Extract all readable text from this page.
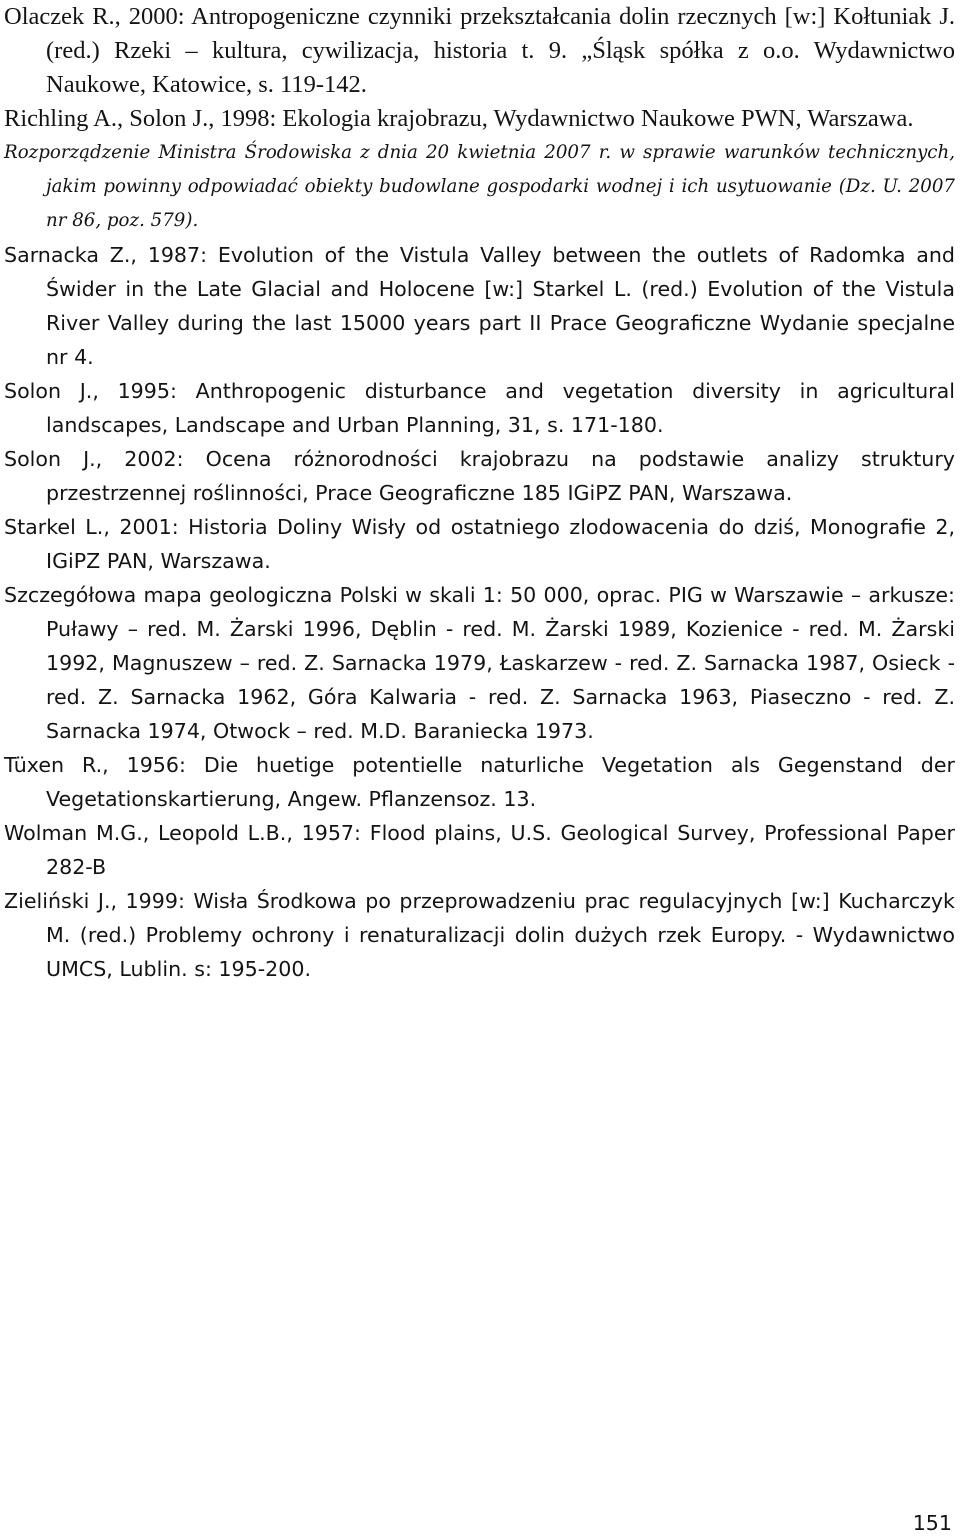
Olaczek R., 2000: Antropogeniczne czynniki przekształcania dolin rzecznych [w:] Kołtuniak J. (red.) Rzeki – kultura, cywilizacja, historia t. 9. „Śląsk spółka z o.o. Wydawnictwo Naukowe, Katowice, s. 119-142.
Richling A., Solon J., 1998: Ekologia krajobrazu, Wydawnictwo Naukowe PWN, Warszawa.
Rozporządzenie Ministra Środowiska z dnia 20 kwietnia 2007 r. w sprawie warunków technicznych, jakim powinny odpowiadać obiekty budowlane gospodarki wodnej i ich usytuowanie (Dz. U. 2007 nr 86, poz. 579).
Sarnacka Z., 1987: Evolution of the Vistula Valley between the outlets of Radomka and Świder in the Late Glacial and Holocene [w:] Starkel L. (red.) Evolution of the Vistula River Valley during the last 15000 years part II Prace Geograficzne Wydanie specjalne nr 4.
Solon J., 1995: Anthropogenic disturbance and vegetation diversity in agricultural landscapes, Landscape and Urban Planning, 31, s. 171-180.
Solon J., 2002: Ocena różnorodności krajobrazu na podstawie analizy struktury przestrzennej roślinności, Prace Geograficzne 185 IGiPZ PAN, Warszawa.
Starkel L., 2001: Historia Doliny Wisły od ostatniego zlodowacenia do dziś, Monografie 2, IGiPZ PAN, Warszawa.
Szczegółowa mapa geologiczna Polski w skali 1: 50 000, oprac. PIG w Warszawie – arkusze: Puławy – red. M. Żarski 1996, Dęblin - red. M. Żarski 1989, Kozienice - red. M. Żarski 1992, Magnuszew – red. Z. Sarnacka 1979, Łaskarzew - red. Z. Sarnacka 1987, Osieck - red. Z. Sarnacka 1962, Góra Kalwaria - red. Z. Sarnacka 1963, Piaseczno - red. Z. Sarnacka 1974, Otwock – red. M.D. Baraniecka 1973.
Tüxen R., 1956: Die huetige potentielle naturliche Vegetation als Gegenstand der Vegetationskartierung, Angew. Pflanzensoz. 13.
Wolman M.G., Leopold L.B., 1957: Flood plains, U.S. Geological Survey, Professional Paper 282-B
Zieliński J., 1999: Wisła Środkowa po przeprowadzeniu prac regulacyjnych [w:] Kucharczyk M. (red.) Problemy ochrony i renaturalizacji dolin dużych rzek Europy. - Wydawnictwo UMCS, Lublin. s: 195-200.
151
